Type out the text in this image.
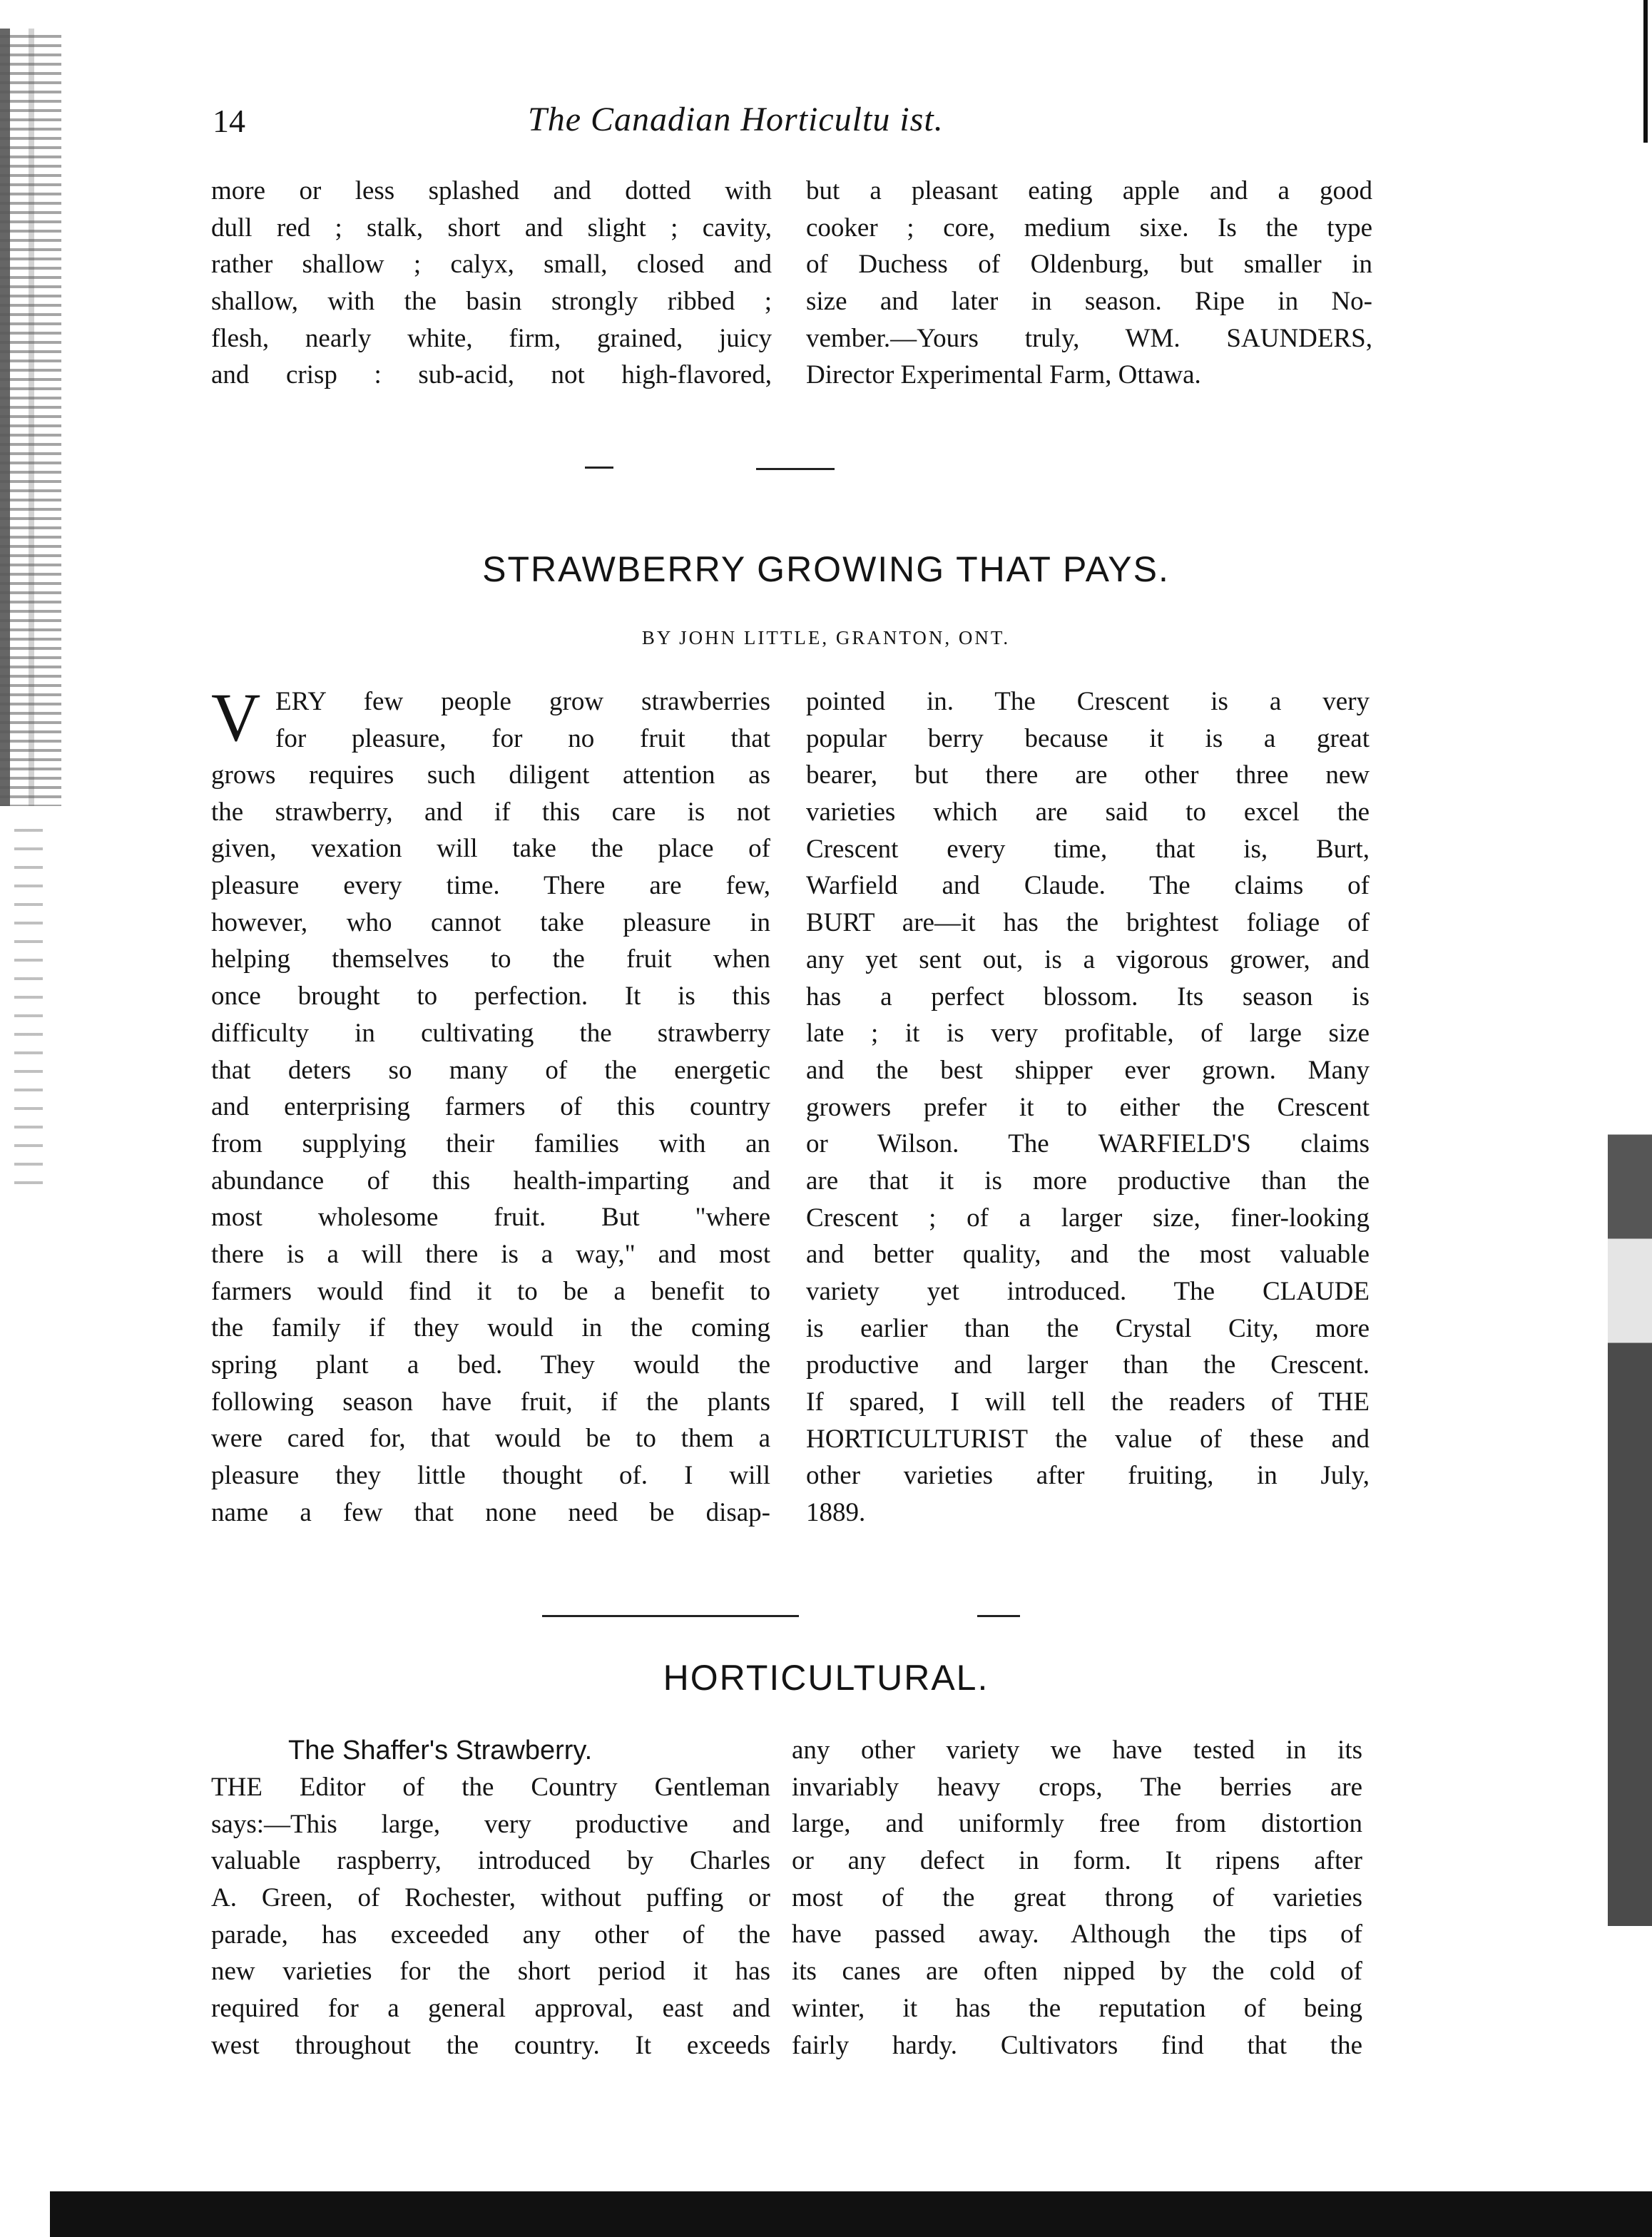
14	The Canadian Horticultu ist.
more or less splashed and dotted with
dull red ; stalk, short and slight ; cavity,
rather shallow ; calyx, small, closed and
shallow, with the basin strongly ribbed ;
flesh, nearly white, firm, grained, juicy
and crisp : sub-acid, not high-flavored,
but a pleasant eating apple and a good
cooker ; core, medium sixe. Is the type
of Duchess of Oldenburg, but smaller in
size and later in season. Ripe in No-
vember.—Yours truly, WM. SAUNDERS,
Director Experimental Farm, Ottawa.
STRAWBERRY GROWING THAT PAYS.
BY JOHN LITTLE, GRANTON, ONT.
V ERY few people grow strawberries
for pleasure, for no fruit that
grows requires such diligent attention as
the strawberry, and if this care is not
given, vexation will take the place of
pleasure every time. There are few,
however, who cannot take pleasure in
helping themselves to the fruit when
once brought to perfection. It is this
difficulty in cultivating the strawberry
that deters so many of the energetic
and enterprising farmers of this country
from supplying their families with an
abundance of this health-imparting and
most wholesome fruit. But "where
there is a will there is a way," and most
farmers would find it to be a benefit to
the family if they would in the coming
spring plant a bed. They would the
following season have fruit, if the plants
were cared for, that would be to them a
pleasure they little thought of. I will
name a few that none need be disap-
pointed in. The Crescent is a very
popular berry because it is a great
bearer, but there are other three new
varieties which are said to excel the
Crescent every time, that is, Burt,
Warfield and Claude. The claims of
BURT are—it has the brightest foliage of
any yet sent out, is a vigorous grower, and
has a perfect blossom. Its season is
late ; it is very profitable, of large size
and the best shipper ever grown. Many
growers prefer it to either the Crescent
or Wilson. The WARFIELD'S claims
are that it is more productive than the
Crescent ; of a larger size, finer-looking
and better quality, and the most valuable
variety yet introduced. The CLAUDE
is earlier than the Crystal City, more
productive and larger than the Crescent.
If spared, I will tell the readers of THE
HORTICULTURIST the value of these and
other varieties after fruiting, in July,
1889.
HORTICULTURAL.
The Shaffer's Strawberry.
THE Editor of the Country Gentleman
says:—This large, very productive and
valuable raspberry, introduced by Charles
A. Green, of Rochester, without puffing or
parade, has exceeded any other of the
new varieties for the short period it has
required for a general approval, east and
west throughout the country. It exceeds
any other variety we have tested in its
invariably heavy crops, The berries are
large, and uniformly free from distortion
or any defect in form. It ripens after
most of the great throng of varieties
have passed away. Although the tips of
its canes are often nipped by the cold of
winter, it has the reputation of being
fairly hardy. Cultivators find that the
